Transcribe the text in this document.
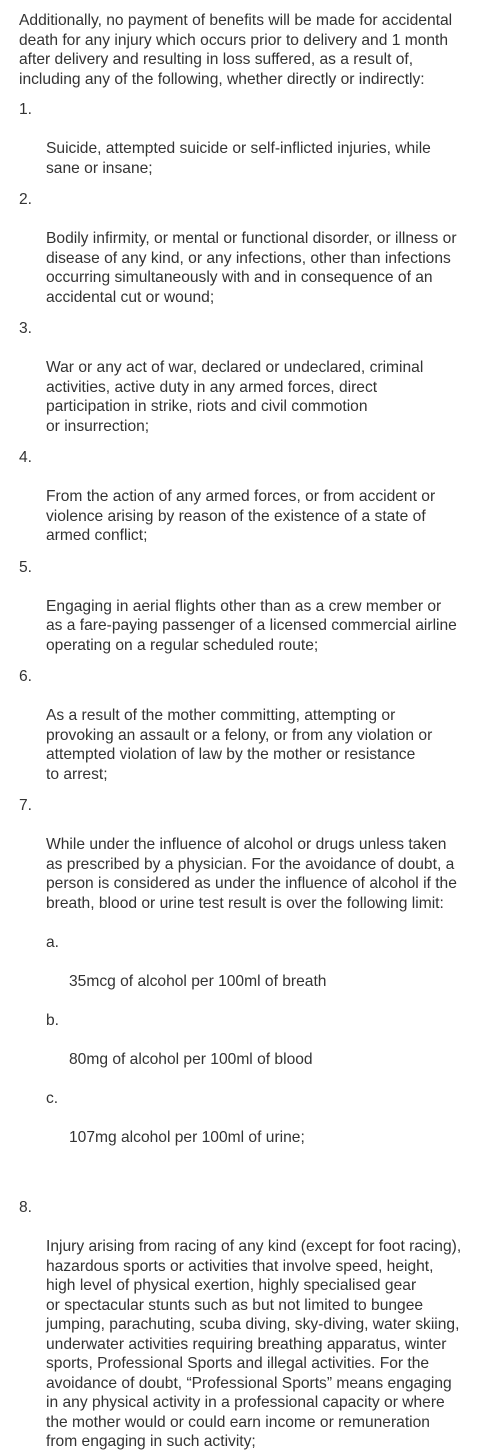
Additionally, no payment of benefits will be made for accidental
death for any injury which occurs prior to delivery and 1 month
after delivery and resulting in loss suffered, as a result of,
including any of the following, whether directly or indirectly:

1.

Suicide, attempted suicide or self-inflicted injuries, while
sane or insane;

2.

Bodily infirmity, or mental or functional disorder, or illness or
disease of any kind, or any infections, other than infections
occurring simultaneously with and in consequence of an
accidental cut or wound;

3.

War or any act of war, declared or undeclared, criminal
activities, active duty in any armed forces, direct
participation in strike, riots and civil commotion
or insurrection;

4.

From the action of any armed forces, or from accident or
violence arising by reason of the existence of a state of
armed conflict;

5.

Engaging in aerial flights other than as a crew member or
as a fare-paying passenger of a licensed commercial airline
operating on a regular scheduled route;

6.

As a result of the mother committing, attempting or
provoking an assault or a felony, or from any violation or
attempted violation of law by the mother or resistance
to arrest;

7.

While under the influence of alcohol or drugs unless taken
as prescribed by a physician. For the avoidance of doubt, a
person is considered as under the influence of alcohol if the
breath, blood or urine test result is over the following limit:

a.

35mcg of alcohol per 100ml of breath

b.

80mg of alcohol per 100ml of blood

c.

107mg alcohol per 100ml of urine;

8.

Injury arising from racing of any kind (except for foot racing),
hazardous sports or activities that involve speed, height,
high level of physical exertion, highly specialised gear
or spectacular stunts such as but not limited to bungee
jumping, parachuting, scuba diving, sky-diving, water skiing,
underwater activities requiring breathing apparatus, winter
sports, Professional Sports and illegal activities. For the
avoidance of doubt, “Professional Sports” means engaging
in any physical activity in a professional capacity or where
the mother would or could earn income or remuneration
from engaging in such activity;
